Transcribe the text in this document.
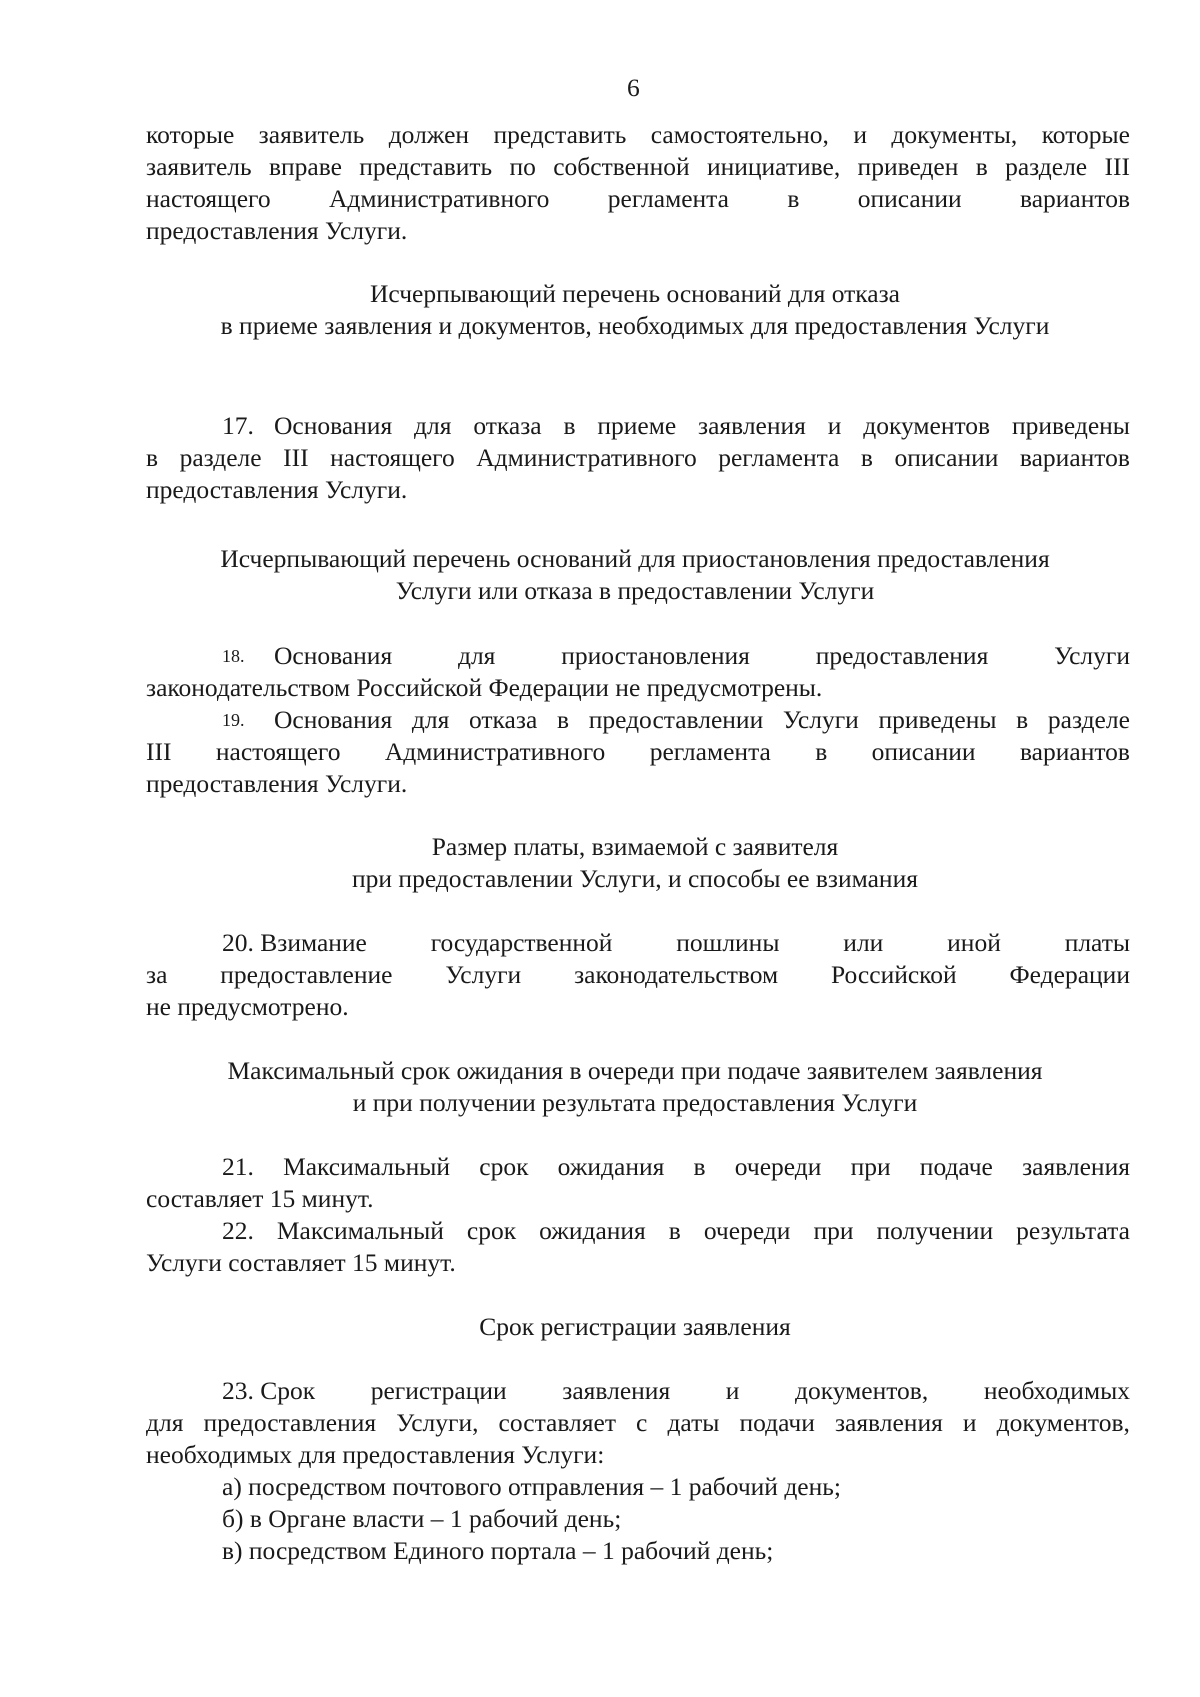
6
которые заявитель должен представить самостоятельно, и документы, которые
заявитель вправе представить по собственной инициативе, приведен в разделе III
настоящего Административного регламента в описании вариантов
предоставления Услуги.
Исчерпывающий перечень оснований для отказа
в приеме заявления и документов, необходимых для предоставления Услуги
17. Основания для отказа в приеме заявления и документов приведены
в разделе III настоящего Административного регламента в описании вариантов
предоставления Услуги.
Исчерпывающий перечень оснований для приостановления предоставления
Услуги или отказа в предоставлении Услуги
18. Основания	для	приостановления	предоставления	Услуги
законодательством Российской Федерации не предусмотрены.
19. Основания для отказа в предоставлении Услуги приведены в разделе
III настоящего Административного регламента в описании вариантов
предоставления Услуги.
Размер платы, взимаемой с заявителя
при предоставлении Услуги, и способы ее взимания
20. Взимание	государственной	пошлины	или	иной	платы
за предоставление Услуги законодательством Российской Федерации
не предусмотрено.
Максимальный срок ожидания в очереди при подаче заявителем заявления
и при получении результата предоставления Услуги
21. Максимальный срок ожидания в очереди при подаче заявления
составляет 15 минут.
22. Максимальный срок ожидания в очереди при получении результата
Услуги составляет 15 минут.
Срок регистрации заявления
23. Срок регистрации заявления и документов, необходимых
для предоставления Услуги, составляет с даты подачи заявления и документов,
необходимых для предоставления Услуги:
а) посредством почтового отправления – 1 рабочий день;
б) в Органе власти – 1 рабочий день;
в) посредством Единого портала – 1 рабочий день;
